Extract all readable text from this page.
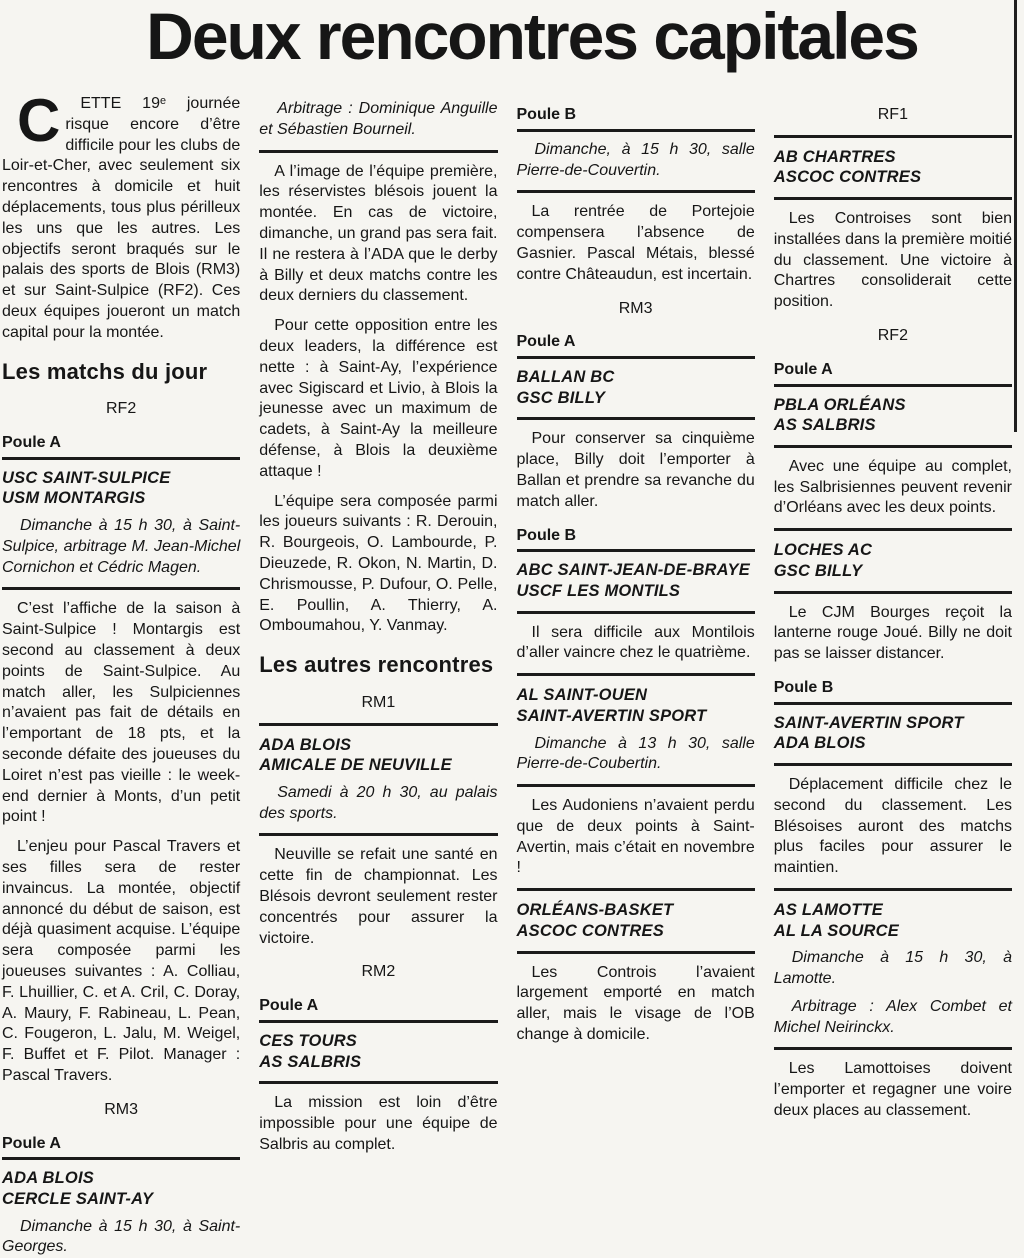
Deux rencontres capitales

C	ETTE 19ᵉ journée risque encore d’être difficile pour les clubs de Loir-et-Cher, avec seulement six rencontres à domicile et huit déplacements, tous plus périlleux les uns que les autres. Les objectifs seront braqués sur le palais des sports de Blois (RM3) et sur Saint-Sulpice (RF2). Ces deux équipes joueront un match capital pour la montée.

Les matchs du jour
RF2
Poule A
USC SAINT-SULPICE
USM MONTARGIS

Dimanche à 15 h 30, à Saint-Sulpice, arbitrage M. Jean-Michel Cornichon et Cédric Magen.

C’est l’affiche de la saison à Saint-Sulpice ! Montargis est second au classement à deux points de Saint-Sulpice. Au match aller, les Sulpiciennes n’avaient pas fait de détails en l’emportant de 18 pts, et la seconde défaite des joueuses du Loiret n’est pas vieille : le week-end dernier à Monts, d’un petit point !

L’enjeu pour Pascal Travers et ses filles sera de rester invaincus. La montée, objectif annoncé du début de saison, est déjà quasiment acquise. L’équipe sera composée parmi les joueuses suivantes : A. Colliau, F. Lhuillier, C. et A. Cril, C. Doray, A. Maury, F. Rabineau, L. Pean, C. Fougeron, L. Jalu, M. Weigel, F. Buffet et F. Pilot. Manager : Pascal Travers.

RM3
Poule A
ADA BLOIS
CERCLE SAINT-AY

Dimanche à 15 h 30, à Saint-Georges.

Arbitrage : Dominique Anguille et Sébastien Bourneil.

A l’image de l’équipe première, les réservistes blésois jouent la montée. En cas de victoire, dimanche, un grand pas sera fait. Il ne restera à l’ADA que le derby à Billy et deux matchs contre les deux derniers du classement.

Pour cette opposition entre les deux leaders, la différence est nette : à Saint-Ay, l’expérience avec Sigiscard et Livio, à Blois la jeunesse avec un maximum de cadets, à Saint-Ay la meilleure défense, à Blois la deuxième attaque !

L’équipe sera composée parmi les joueurs suivants : R. Derouin, R. Bourgeois, O. Lambourde, P. Dieuzede, R. Okon, N. Martin, D. Chrismousse, P. Dufour, O. Pelle, E. Poullin, A. Thierry, A. Omboumahou, Y. Vanmay.

Les autres rencontres
RM1
ADA BLOIS
AMICALE DE NEUVILLE

Samedi à 20 h 30, au palais des sports.

Neuville se refait une santé en cette fin de championnat. Les Blésois devront seulement rester concentrés pour assurer la victoire.

RM2
Poule A
CES TOURS
AS SALBRIS

La mission est loin d’être impossible pour une équipe de Salbris au complet.

Poule B

Dimanche, à 15 h 30, salle Pierre-de-Couvertin.

La rentrée de Portejoie compensera l’absence de Gasnier. Pascal Métais, blessé contre Châteaudun, est incertain.

RM3
Poule A
BALLAN BC
GSC BILLY

Pour conserver sa cinquième place, Billy doit l’emporter à Ballan et prendre sa revanche du match aller.

Poule B
ABC SAINT-JEAN-DE-BRAYE
USCF LES MONTILS

Il sera difficile aux Montilois d’aller vaincre chez le quatrième.

AL SAINT-OUEN
SAINT-AVERTIN SPORT

Dimanche à 13 h 30, salle Pierre-de-Coubertin.

Les Audoniens n’avaient perdu que de deux points à Saint-Avertin, mais c’était en novembre !

ORLÉANS-BASKET
ASCOC CONTRES

Les Controis l’avaient largement emporté en match aller, mais le visage de l’OB change à domicile.

RF1
AB CHARTRES
ASCOC CONTRES

Les Controises sont bien installées dans la première moitié du classement. Une victoire à Chartres consoliderait cette position.

RF2
Poule A
PBLA ORLÉANS
AS SALBRIS

Avec une équipe au complet, les Salbrisiennes peuvent revenir d’Orléans avec les deux points.

LOCHES AC
GSC BILLY

Le CJM Bourges reçoit la lanterne rouge Joué. Billy ne doit pas se laisser distancer.

Poule B
SAINT-AVERTIN SPORT
ADA BLOIS

Déplacement difficile chez le second du classement. Les Blésoises auront des matchs plus faciles pour assurer le maintien.

AS LAMOTTE
AL LA SOURCE

Dimanche à 15 h 30, à Lamotte.

Arbitrage : Alex Combet et Michel Neirinckx.

Les Lamottoises doivent l’emporter et regagner une voire deux places au classement.
